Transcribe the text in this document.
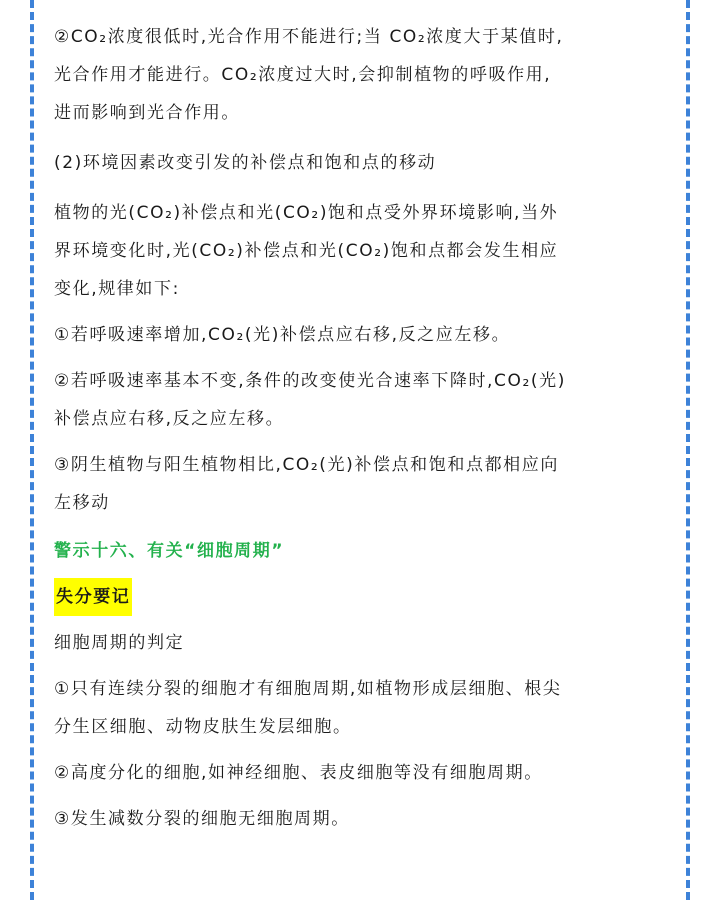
②CO₂浓度很低时,光合作用不能进行;当 CO₂浓度大于某值时,

光合作用才能进行。CO₂浓度过大时,会抑制植物的呼吸作用,

进而影响到光合作用。

(2)环境因素改变引发的补偿点和饱和点的移动

植物的光(CO₂)补偿点和光(CO₂)饱和点受外界环境影响,当外

界环境变化时,光(CO₂)补偿点和光(CO₂)饱和点都会发生相应

变化,规律如下:

①若呼吸速率增加,CO₂(光)补偿点应右移,反之应左移。

②若呼吸速率基本不变,条件的改变使光合速率下降时,CO₂(光)

补偿点应右移,反之应左移。

③阴生植物与阳生植物相比,CO₂(光)补偿点和饱和点都相应向

左移动

警示十六、有关“细胞周期”
失分要记

细胞周期的判定

①只有连续分裂的细胞才有细胞周期,如植物形成层细胞、根尖

分生区细胞、动物皮肤生发层细胞。

②高度分化的细胞,如神经细胞、表皮细胞等没有细胞周期。

③发生减数分裂的细胞无细胞周期。
